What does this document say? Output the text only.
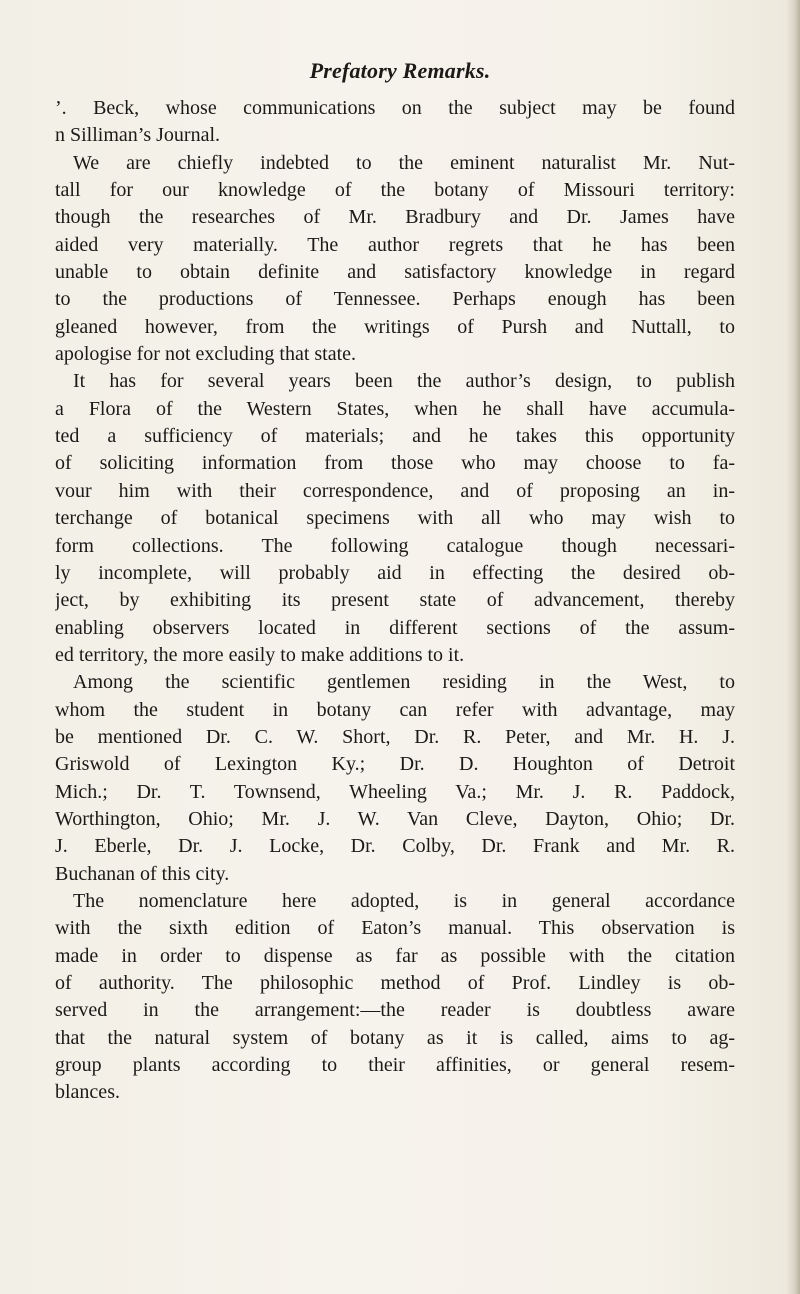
Prefatory Remarks.
’. Beck, whose communications on the subject may be found
n Silliman’s Journal.
We are chiefly indebted to the eminent naturalist Mr. Nut-
tall for our knowledge of the botany of Missouri territory:
though the researches of Mr. Bradbury and Dr. James have
aided very materially. The author regrets that he has been
unable to obtain definite and satisfactory knowledge in regard
to the productions of Tennessee. Perhaps enough has been
gleaned however, from the writings of Pursh and Nuttall, to
apologise for not excluding that state.
It has for several years been the author’s design, to publish
a Flora of the Western States, when he shall have accumula-
ted a sufficiency of materials; and he takes this opportunity
of soliciting information from those who may choose to fa-
vour him with their correspondence, and of proposing an in-
terchange of botanical specimens with all who may wish to
form collections. The following catalogue though necessari-
ly incomplete, will probably aid in effecting the desired ob-
ject, by exhibiting its present state of advancement, thereby
enabling observers located in different sections of the assum-
ed territory, the more easily to make additions to it.
Among the scientific gentlemen residing in the West, to
whom the student in botany can refer with advantage, may
be mentioned Dr. C. W. Short, Dr. R. Peter, and Mr. H. J.
Griswold of Lexington Ky.; Dr. D. Houghton of Detroit
Mich.; Dr. T. Townsend, Wheeling Va.; Mr. J. R. Paddock,
Worthington, Ohio; Mr. J. W. Van Cleve, Dayton, Ohio; Dr.
J. Eberle, Dr. J. Locke, Dr. Colby, Dr. Frank and Mr. R.
Buchanan of this city.
The nomenclature here adopted, is in general accordance
with the sixth edition of Eaton’s manual. This observation is
made in order to dispense as far as possible with the citation
of authority. The philosophic method of Prof. Lindley is ob-
served in the arrangement:—the reader is doubtless aware
that the natural system of botany as it is called, aims to ag-
group plants according to their affinities, or general resem-
blances.
